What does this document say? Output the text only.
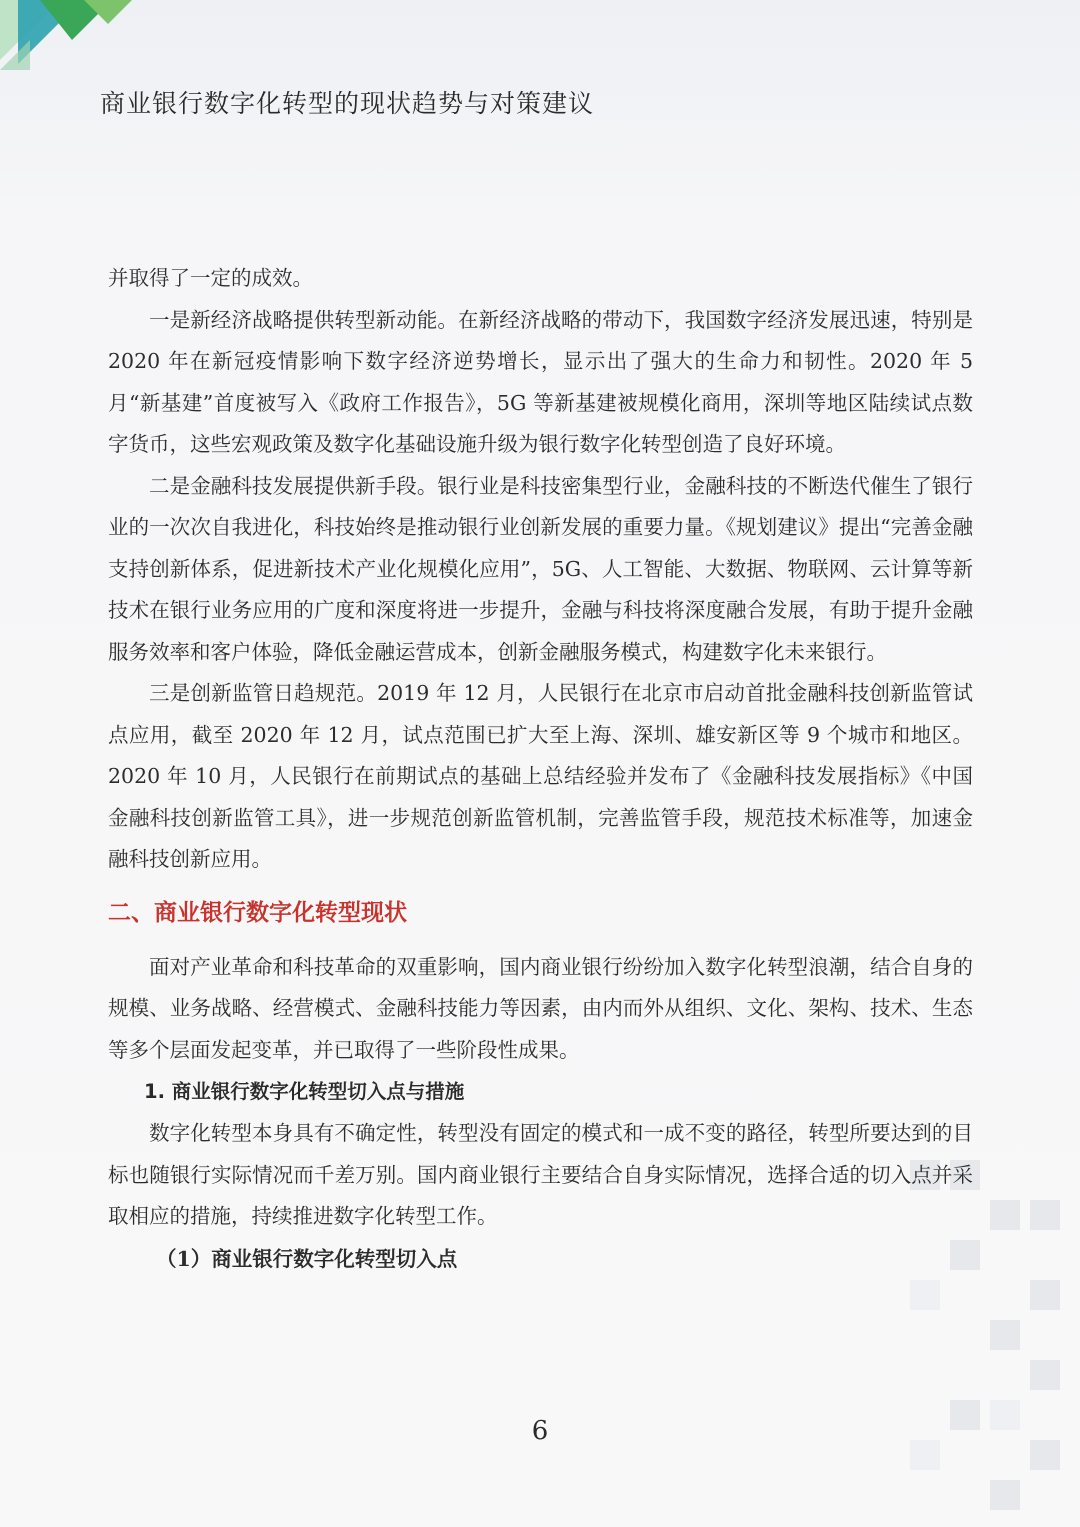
商业银行数字化转型的现状趋势与对策建议

并取得了一定的成效。

一是新经济战略提供转型新动能。在新经济战略的带动下，我国数字经济发展迅速，特别是 2020 年在新冠疫情影响下数字经济逆势增长，显示出了强大的生命力和韧性。2020 年 5 月“新基建”首度被写入《政府工作报告》，5G 等新基建被规模化商用，深圳等地区陆续试点数字货币，这些宏观政策及数字化基础设施升级为银行数字化转型创造了良好环境。

二是金融科技发展提供新手段。银行业是科技密集型行业，金融科技的不断迭代催生了银行业的一次次自我进化，科技始终是推动银行业创新发展的重要力量。《规划建议》提出“完善金融支持创新体系，促进新技术产业化规模化应用”，5G、人工智能、大数据、物联网、云计算等新技术在银行业务应用的广度和深度将进一步提升，金融与科技将深度融合发展，有助于提升金融服务效率和客户体验，降低金融运营成本，创新金融服务模式，构建数字化未来银行。

三是创新监管日趋规范。2019 年 12 月，人民银行在北京市启动首批金融科技创新监管试点应用，截至 2020 年 12 月，试点范围已扩大至上海、深圳、雄安新区等 9 个城市和地区。2020 年 10 月，人民银行在前期试点的基础上总结经验并发布了《金融科技发展指标》《中国金融科技创新监管工具》，进一步规范创新监管机制，完善监管手段，规范技术标准等，加速金融科技创新应用。

二、商业银行数字化转型现状

面对产业革命和科技革命的双重影响，国内商业银行纷纷加入数字化转型浪潮，结合自身的规模、业务战略、经营模式、金融科技能力等因素，由内而外从组织、文化、架构、技术、生态等多个层面发起变革，并已取得了一些阶段性成果。

1. 商业银行数字化转型切入点与措施

数字化转型本身具有不确定性，转型没有固定的模式和一成不变的路径，转型所要达到的目标也随银行实际情况而千差万别。国内商业银行主要结合自身实际情况，选择合适的切入点并采取相应的措施，持续推进数字化转型工作。

（1）商业银行数字化转型切入点
6
